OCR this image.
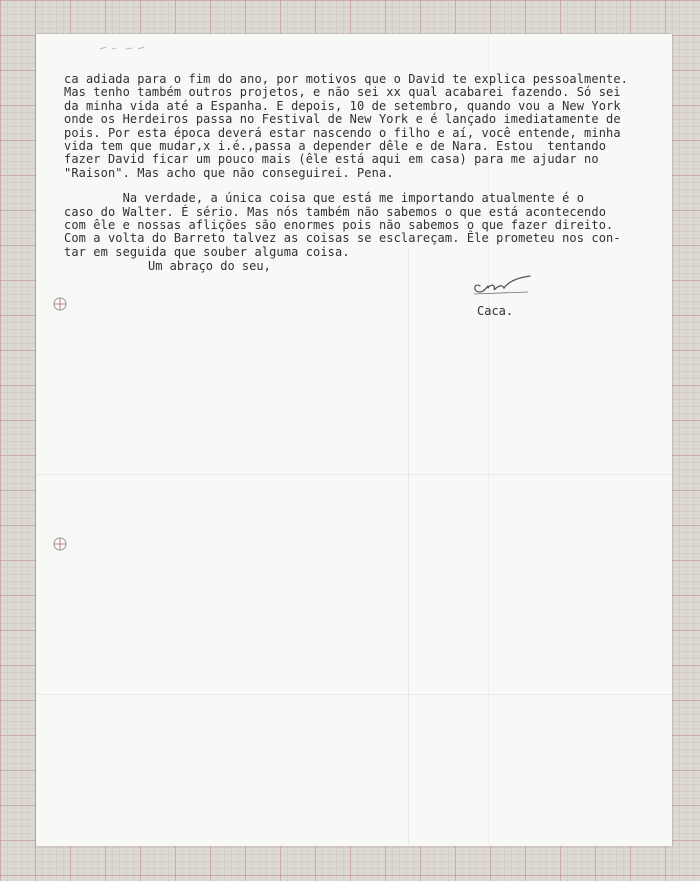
ca adiada para o fim do ano, por motivos que o David te explica pessoalmente.
Mas tenho também outros projetos, e não sei xx qual acabarei fazendo. Só sei
da minha vida até a Espanha. E depois, 10 de setembro, quando vou a New York
onde os Herdeiros passa no Festival de New York e é lançado imediatamente de
pois. Por esta época deverá estar nascendo o filho e aí, você entende, minha
vida tem que mudar,x i.é.,passa a depender dêle e de Nara. Estou  tentando
fazer David ficar um pouco mais (êle está aqui em casa) para me ajudar no
"Raison". Mas acho que não conseguirei. Pena.
Na verdade, a única coisa que está me importando atualmente é o
caso do Walter. É sério. Mas nós também não sabemos o que está acontecendo
com êle e nossas aflições são enormes pois não sabemos o que fazer direito.
Com a volta do Barreto talvez as coisas se esclareçam. Êle prometeu nos con-
tar em seguida que souber alguma coisa.
Um abraço do seu,
Caca.
